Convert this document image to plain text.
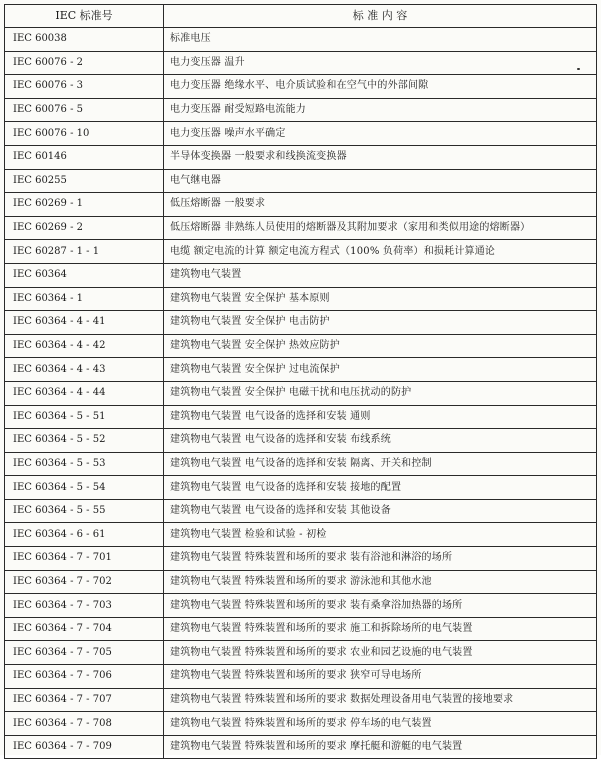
IEC 标准号	标 准 内 容
IEC 60038	标准电压
IEC 60076 - 2	电力变压器 温升
IEC 60076 - 3	电力变压器 绝缘水平、电介质试验和在空气中的外部间隙
IEC 60076 - 5	电力变压器 耐受短路电流能力
IEC 60076 - 10	电力变压器 噪声水平确定
IEC 60146	半导体变换器 一般要求和线换流变换器
IEC 60255	电气继电器
IEC 60269 - 1	低压熔断器 一般要求
IEC 60269 - 2	低压熔断器 非熟练人员使用的熔断器及其附加要求（家用和类似用途的熔断器）
IEC 60287 - 1 - 1	电缆 额定电流的计算 额定电流方程式（100% 负荷率）和损耗计算通论
IEC 60364	建筑物电气装置
IEC 60364 - 1	建筑物电气装置 安全保护 基本原则
IEC 60364 - 4 - 41	建筑物电气装置 安全保护 电击防护
IEC 60364 - 4 - 42	建筑物电气装置 安全保护 热效应防护
IEC 60364 - 4 - 43	建筑物电气装置 安全保护 过电流保护
IEC 60364 - 4 - 44	建筑物电气装置 安全保护 电磁干扰和电压扰动的防护
IEC 60364 - 5 - 51	建筑物电气装置 电气设备的选择和安装 通则
IEC 60364 - 5 - 52	建筑物电气装置 电气设备的选择和安装 布线系统
IEC 60364 - 5 - 53	建筑物电气装置 电气设备的选择和安装 隔离、开关和控制
IEC 60364 - 5 - 54	建筑物电气装置 电气设备的选择和安装 接地的配置
IEC 60364 - 5 - 55	建筑物电气装置 电气设备的选择和安装 其他设备
IEC 60364 - 6 - 61	建筑物电气装置 检验和试验 - 初检
IEC 60364 - 7 - 701	建筑物电气装置 特殊装置和场所的要求 装有浴池和淋浴的场所
IEC 60364 - 7 - 702	建筑物电气装置 特殊装置和场所的要求 游泳池和其他水池
IEC 60364 - 7 - 703	建筑物电气装置 特殊装置和场所的要求 装有桑拿浴加热器的场所
IEC 60364 - 7 - 704	建筑物电气装置 特殊装置和场所的要求 施工和拆除场所的电气装置
IEC 60364 - 7 - 705	建筑物电气装置 特殊装置和场所的要求 农业和园艺设施的电气装置
IEC 60364 - 7 - 706	建筑物电气装置 特殊装置和场所的要求 狭窄可导电场所
IEC 60364 - 7 - 707	建筑物电气装置 特殊装置和场所的要求 数据处理设备用电气装置的接地要求
IEC 60364 - 7 - 708	建筑物电气装置 特殊装置和场所的要求 停车场的电气装置
IEC 60364 - 7 - 709	建筑物电气装置 特殊装置和场所的要求 摩托艇和游艇的电气装置
